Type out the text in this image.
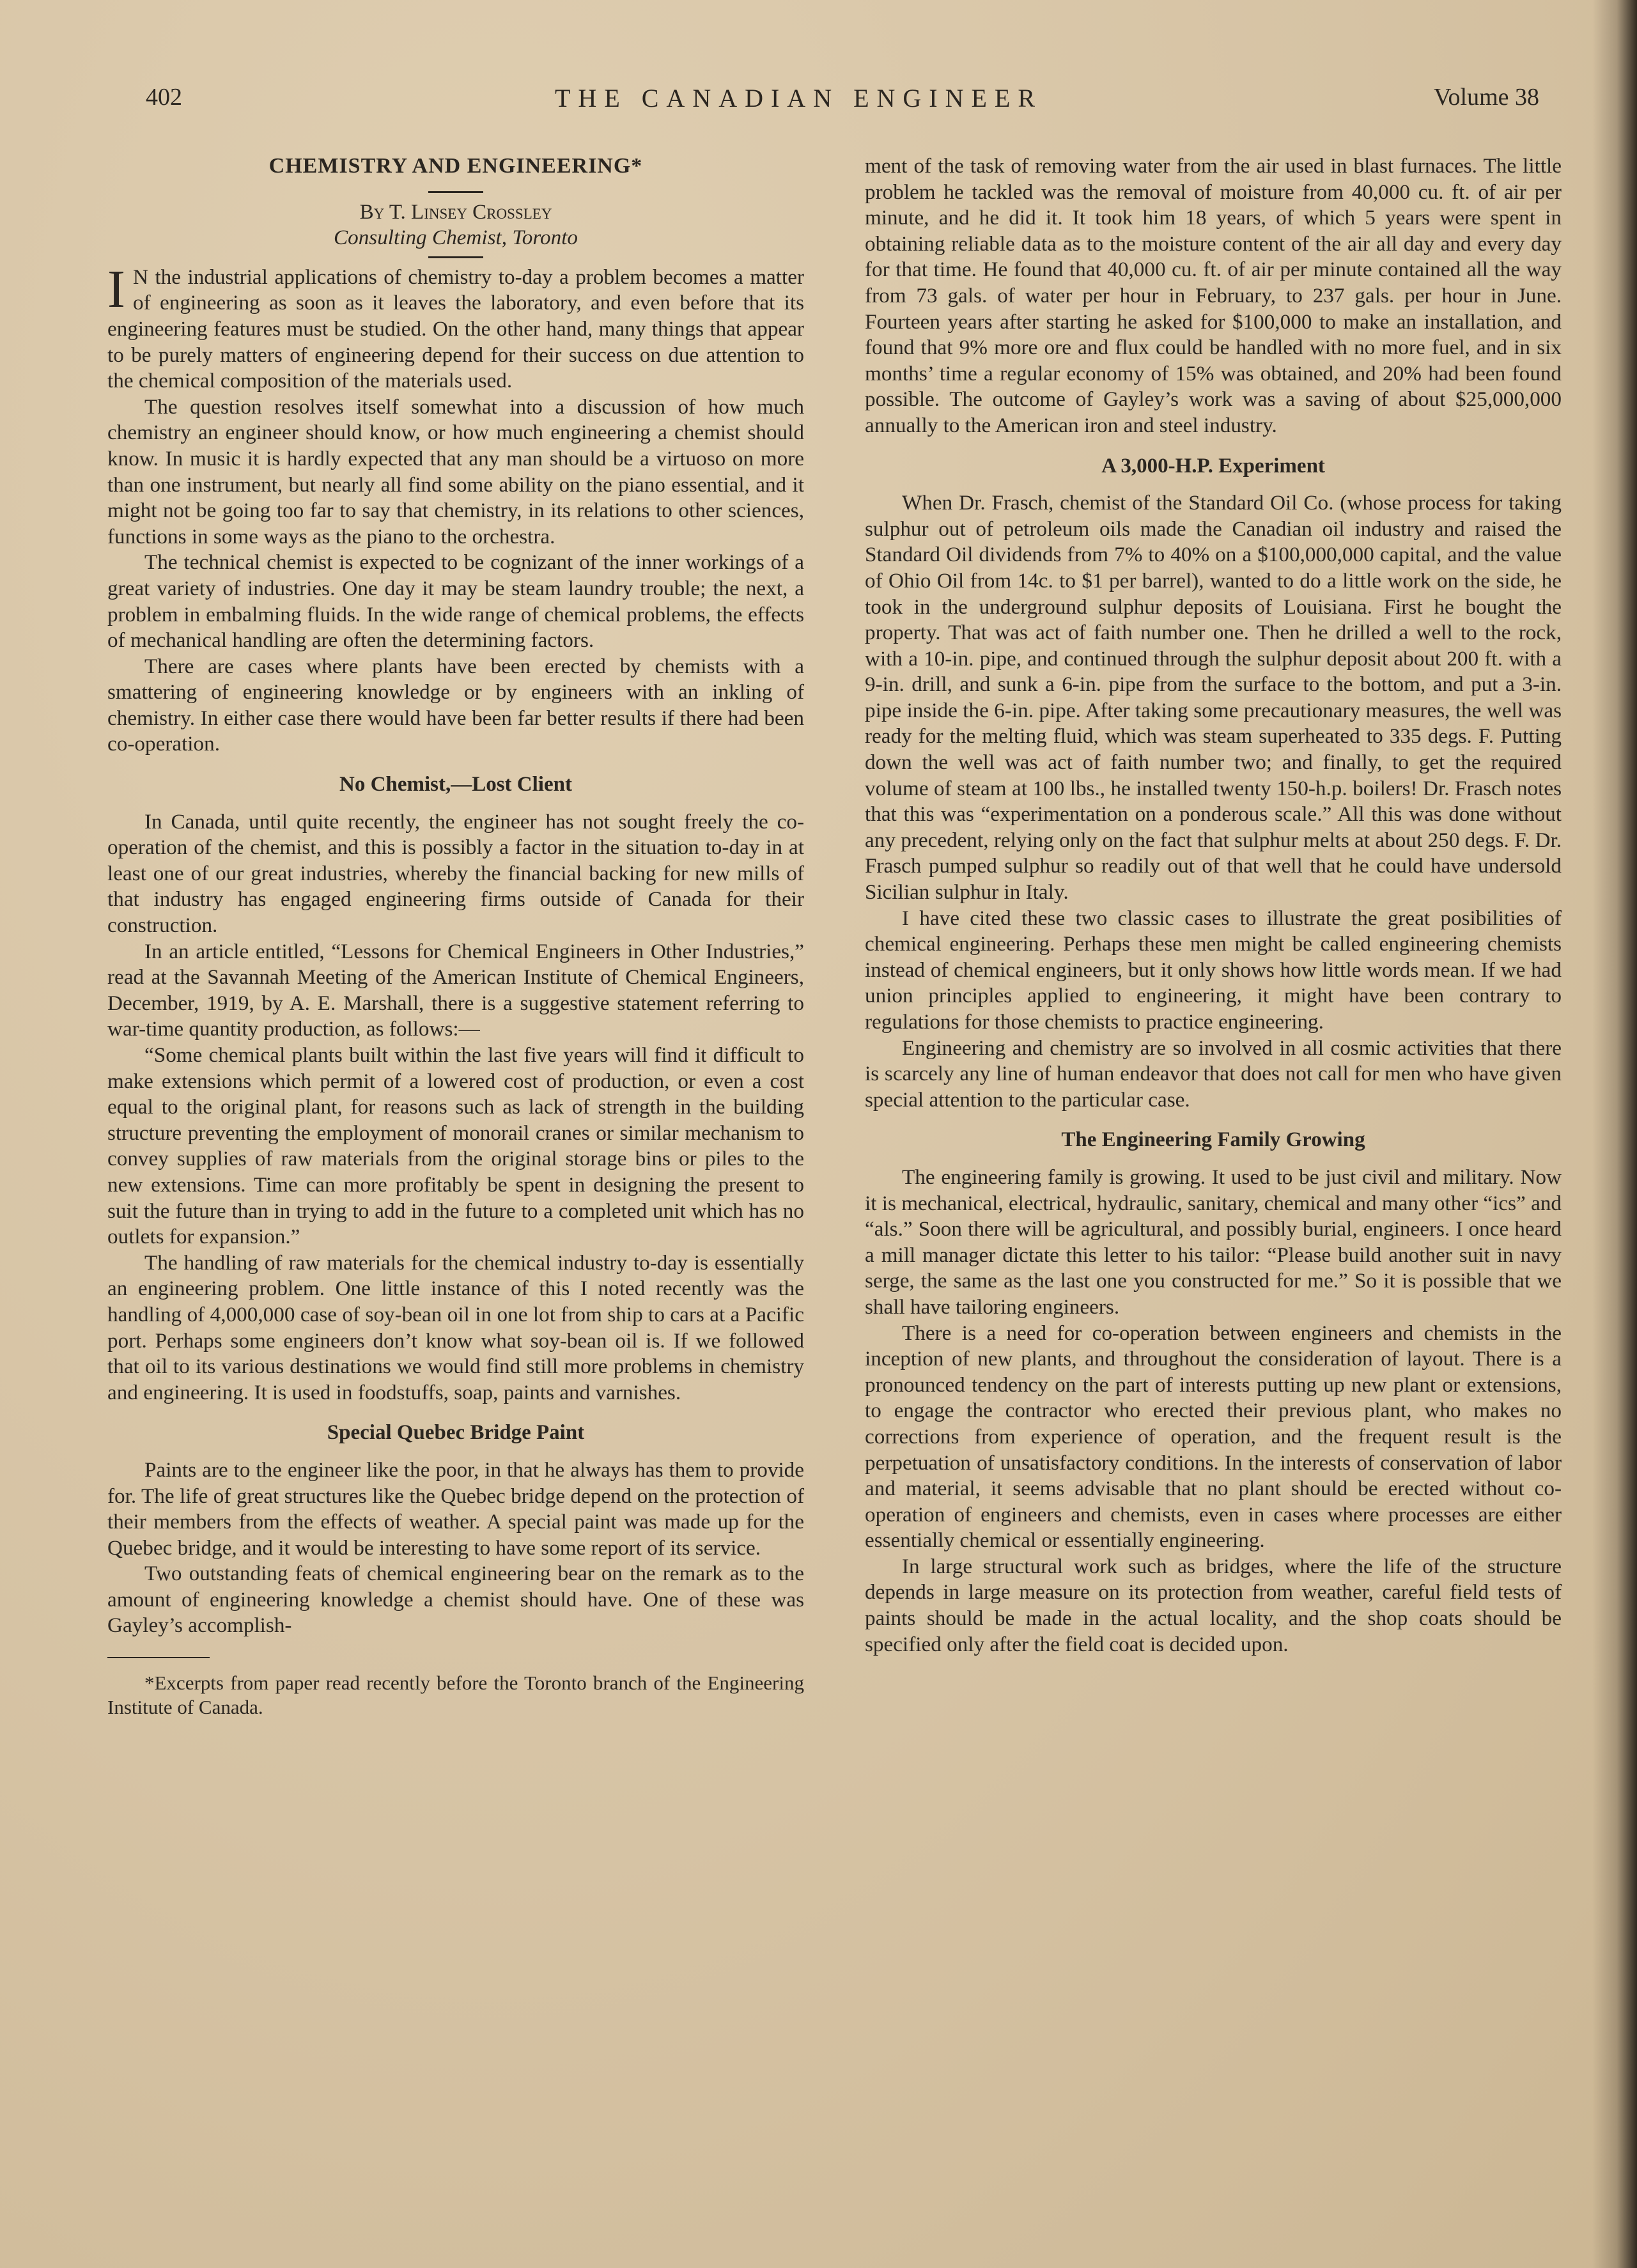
402	THE CANADIAN ENGINEER	Volume 38
CHEMISTRY AND ENGINEERING*
By T. Linsey Crossley
Consulting Chemist, Toronto

I N the industrial applications of chemistry to-day a problem becomes a matter of engineering as soon as it leaves the laboratory, and even before that its engineering features must be studied. On the other hand, many things that appear to be purely matters of engineering depend for their success on due attention to the chemical composition of the materials used.

The question resolves itself somewhat into a discussion of how much chemistry an engineer should know, or how much engineering a chemist should know. In music it is hardly expected that any man should be a virtuoso on more than one instrument, but nearly all find some ability on the piano essential, and it might not be going too far to say that chemistry, in its relations to other sciences, functions in some ways as the piano to the orchestra.

The technical chemist is expected to be cognizant of the inner workings of a great variety of industries. One day it may be steam laundry trouble; the next, a problem in embalming fluids. In the wide range of chemical problems, the effects of mechanical handling are often the determining factors.

There are cases where plants have been erected by chemists with a smattering of engineering knowledge or by engineers with an inkling of chemistry. In either case there would have been far better results if there had been co-operation.

No Chemist,—Lost Client

In Canada, until quite recently, the engineer has not sought freely the co-operation of the chemist, and this is possibly a factor in the situation to-day in at least one of our great industries, whereby the financial backing for new mills of that industry has engaged engineering firms outside of Canada for their construction.

In an article entitled, “Lessons for Chemical Engineers in Other Industries,” read at the Savannah Meeting of the American Institute of Chemical Engineers, December, 1919, by A. E. Marshall, there is a suggestive statement referring to war-time quantity production, as follows:—

“Some chemical plants built within the last five years will find it difficult to make extensions which permit of a lowered cost of production, or even a cost equal to the original plant, for reasons such as lack of strength in the building structure preventing the employment of monorail cranes or similar mechanism to convey supplies of raw materials from the original storage bins or piles to the new extensions. Time can more profitably be spent in designing the present to suit the future than in trying to add in the future to a completed unit which has no outlets for expansion.”

The handling of raw materials for the chemical industry to-day is essentially an engineering problem. One little instance of this I noted recently was the handling of 4,000,000 case of soy-bean oil in one lot from ship to cars at a Pacific port. Perhaps some engineers don’t know what soy-bean oil is. If we followed that oil to its various destinations we would find still more problems in chemistry and engineering. It is used in foodstuffs, soap, paints and varnishes.

Special Quebec Bridge Paint

Paints are to the engineer like the poor, in that he always has them to provide for. The life of great structures like the Quebec bridge depend on the protection of their members from the effects of weather. A special paint was made up for the Quebec bridge, and it would be interesting to have some report of its service.

Two outstanding feats of chemical engineering bear on the remark as to the amount of engineering knowledge a chemist should have. One of these was Gayley’s accomplish-

*Excerpts from paper read recently before the Toronto branch of the Engineering Institute of Canada.

ment of the task of removing water from the air used in blast furnaces. The little problem he tackled was the removal of moisture from 40,000 cu. ft. of air per minute, and he did it. It took him 18 years, of which 5 years were spent in obtaining reliable data as to the moisture content of the air all day and every day for that time. He found that 40,000 cu. ft. of air per minute contained all the way from 73 gals. of water per hour in February, to 237 gals. per hour in June. Fourteen years after starting he asked for $100,000 to make an installation, and found that 9% more ore and flux could be handled with no more fuel, and in six months’ time a regular economy of 15% was obtained, and 20% had been found possible. The outcome of Gayley’s work was a saving of about $25,000,000 annually to the American iron and steel industry.

A 3,000-H.P. Experiment

When Dr. Frasch, chemist of the Standard Oil Co. (whose process for taking sulphur out of petroleum oils made the Canadian oil industry and raised the Standard Oil dividends from 7% to 40% on a $100,000,000 capital, and the value of Ohio Oil from 14c. to $1 per barrel), wanted to do a little work on the side, he took in the underground sulphur deposits of Louisiana. First he bought the property. That was act of faith number one. Then he drilled a well to the rock, with a 10-in. pipe, and continued through the sulphur deposit about 200 ft. with a 9-in. drill, and sunk a 6-in. pipe from the surface to the bottom, and put a 3-in. pipe inside the 6-in. pipe. After taking some precautionary measures, the well was ready for the melting fluid, which was steam superheated to 335 degs. F. Putting down the well was act of faith number two; and finally, to get the required volume of steam at 100 lbs., he installed twenty 150-h.p. boilers! Dr. Frasch notes that this was “experimentation on a ponderous scale.” All this was done without any precedent, relying only on the fact that sulphur melts at about 250 degs. F. Dr. Frasch pumped sulphur so readily out of that well that he could have undersold Sicilian sulphur in Italy.

I have cited these two classic cases to illustrate the great posibilities of chemical engineering. Perhaps these men might be called engineering chemists instead of chemical engineers, but it only shows how little words mean. If we had union principles applied to engineering, it might have been contrary to regulations for those chemists to practice engineering.

Engineering and chemistry are so involved in all cosmic activities that there is scarcely any line of human endeavor that does not call for men who have given special attention to the particular case.

The Engineering Family Growing

The engineering family is growing. It used to be just civil and military. Now it is mechanical, electrical, hydraulic, sanitary, chemical and many other “ics” and “als.” Soon there will be agricultural, and possibly burial, engineers. I once heard a mill manager dictate this letter to his tailor: “Please build another suit in navy serge, the same as the last one you constructed for me.” So it is possible that we shall have tailoring engineers.

There is a need for co-operation between engineers and chemists in the inception of new plants, and throughout the consideration of layout. There is a pronounced tendency on the part of interests putting up new plant or extensions, to engage the contractor who erected their previous plant, who makes no corrections from experience of operation, and the frequent result is the perpetuation of unsatisfactory conditions. In the interests of conservation of labor and material, it seems advisable that no plant should be erected without co-operation of engineers and chemists, even in cases where processes are either essentially chemical or essentially engineering.

In large structural work such as bridges, where the life of the structure depends in large measure on its protection from weather, careful field tests of paints should be made in the actual locality, and the shop coats should be specified only after the field coat is decided upon.
